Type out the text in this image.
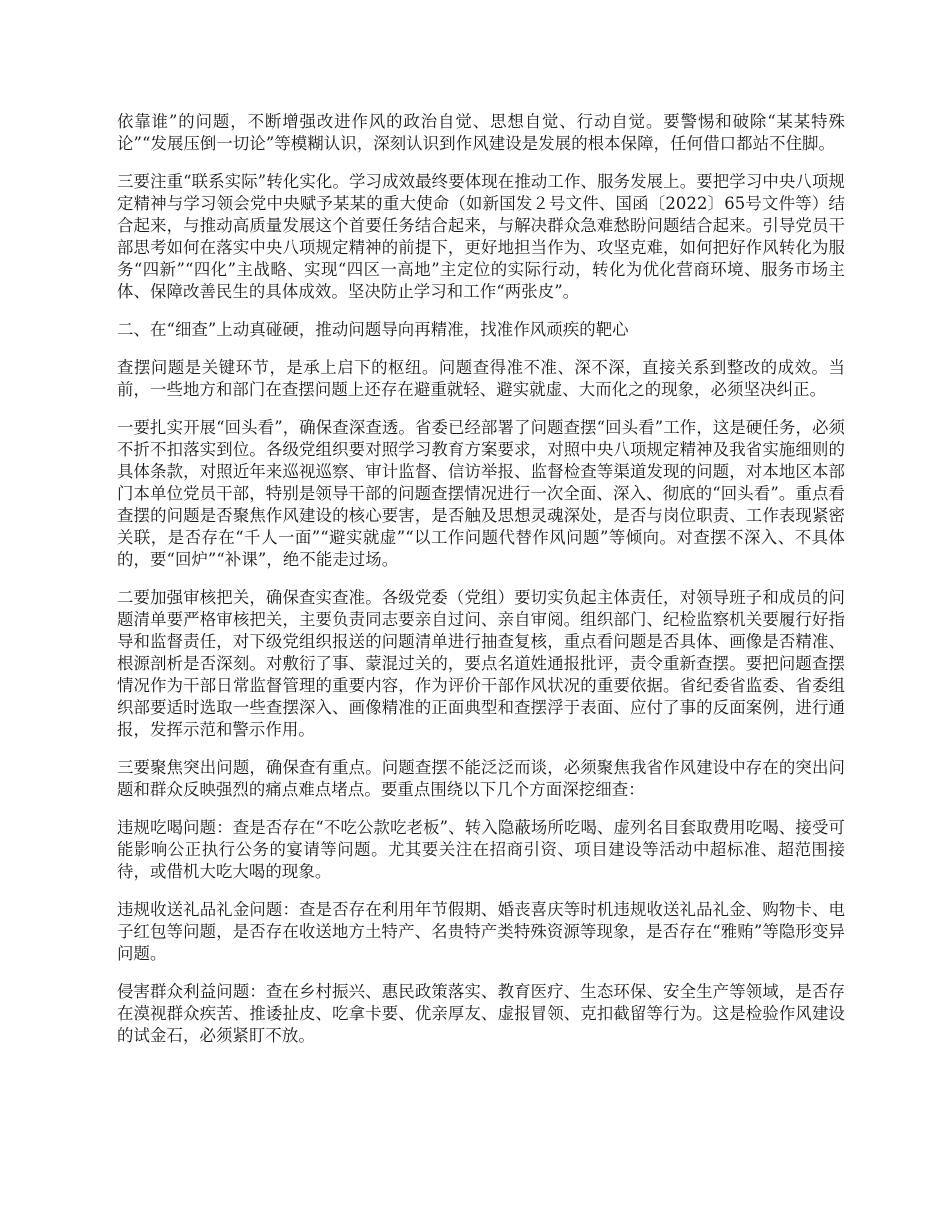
依靠谁”的问题，不断增强改进作风的政治自觉、思想自觉、行动自觉。要警惕和破除“某某特殊论”“发展压倒一切论”等模糊认识，深刻认识到作风建设是发展的根本保障，任何借口都站不住脚。

三要注重“联系实际”转化实化。学习成效最终要体现在推动工作、服务发展上。要把学习中央八项规定精神与学习领会党中央赋予某某的重大使命（如新国发２号文件、国函〔2022〕65号文件等）结合起来，与推动高质量发展这个首要任务结合起来，与解决群众急难愁盼问题结合起来。引导党员干部思考如何在落实中央八项规定精神的前提下，更好地担当作为、攻坚克难，如何把好作风转化为服务“四新”“四化”主战略、实现“四区一高地”主定位的实际行动，转化为优化营商环境、服务市场主体、保障改善民生的具体成效。坚决防止学习和工作“两张皮”。

二、在“细查”上动真碰硬，推动问题导向再精准，找准作风顽疾的靶心

查摆问题是关键环节，是承上启下的枢纽。问题查得准不准、深不深，直接关系到整改的成效。当前，一些地方和部门在查摆问题上还存在避重就轻、避实就虚、大而化之的现象，必须坚决纠正。

一要扎实开展“回头看”，确保查深查透。省委已经部署了问题查摆“回头看”工作，这是硬任务，必须不折不扣落实到位。各级党组织要对照学习教育方案要求，对照中央八项规定精神及我省实施细则的具体条款，对照近年来巡视巡察、审计监督、信访举报、监督检查等渠道发现的问题，对本地区本部门本单位党员干部，特别是领导干部的问题查摆情况进行一次全面、深入、彻底的“回头看”。重点看查摆的问题是否聚焦作风建设的核心要害，是否触及思想灵魂深处，是否与岗位职责、工作表现紧密关联，是否存在“千人一面”“避实就虚”“以工作问题代替作风问题”等倾向。对查摆不深入、不具体的，要“回炉”“补课”，绝不能走过场。

二要加强审核把关，确保查实查准。各级党委（党组）要切实负起主体责任，对领导班子和成员的问题清单要严格审核把关，主要负责同志要亲自过问、亲自审阅。组织部门、纪检监察机关要履行好指导和监督责任，对下级党组织报送的问题清单进行抽查复核，重点看问题是否具体、画像是否精准、根源剖析是否深刻。对敷衍了事、蒙混过关的，要点名道姓通报批评，责令重新查摆。要把问题查摆情况作为干部日常监督管理的重要内容，作为评价干部作风状况的重要依据。省纪委省监委、省委组织部要适时选取一些查摆深入、画像精准的正面典型和查摆浮于表面、应付了事的反面案例，进行通报，发挥示范和警示作用。

三要聚焦突出问题，确保查有重点。问题查摆不能泛泛而谈，必须聚焦我省作风建设中存在的突出问题和群众反映强烈的痛点难点堵点。要重点围绕以下几个方面深挖细查：

违规吃喝问题：查是否存在“不吃公款吃老板”、转入隐蔽场所吃喝、虚列名目套取费用吃喝、接受可能影响公正执行公务的宴请等问题。尤其要关注在招商引资、项目建设等活动中超标准、超范围接待，或借机大吃大喝的现象。

违规收送礼品礼金问题：查是否存在利用年节假期、婚丧喜庆等时机违规收送礼品礼金、购物卡、电子红包等问题，是否存在收送地方土特产、名贵特产类特殊资源等现象，是否存在“雅贿”等隐形变异问题。

侵害群众利益问题：查在乡村振兴、惠民政策落实、教育医疗、生态环保、安全生产等领域，是否存在漠视群众疾苦、推诿扯皮、吃拿卡要、优亲厚友、虚报冒领、克扣截留等行为。这是检验作风建设的试金石，必须紧盯不放。
